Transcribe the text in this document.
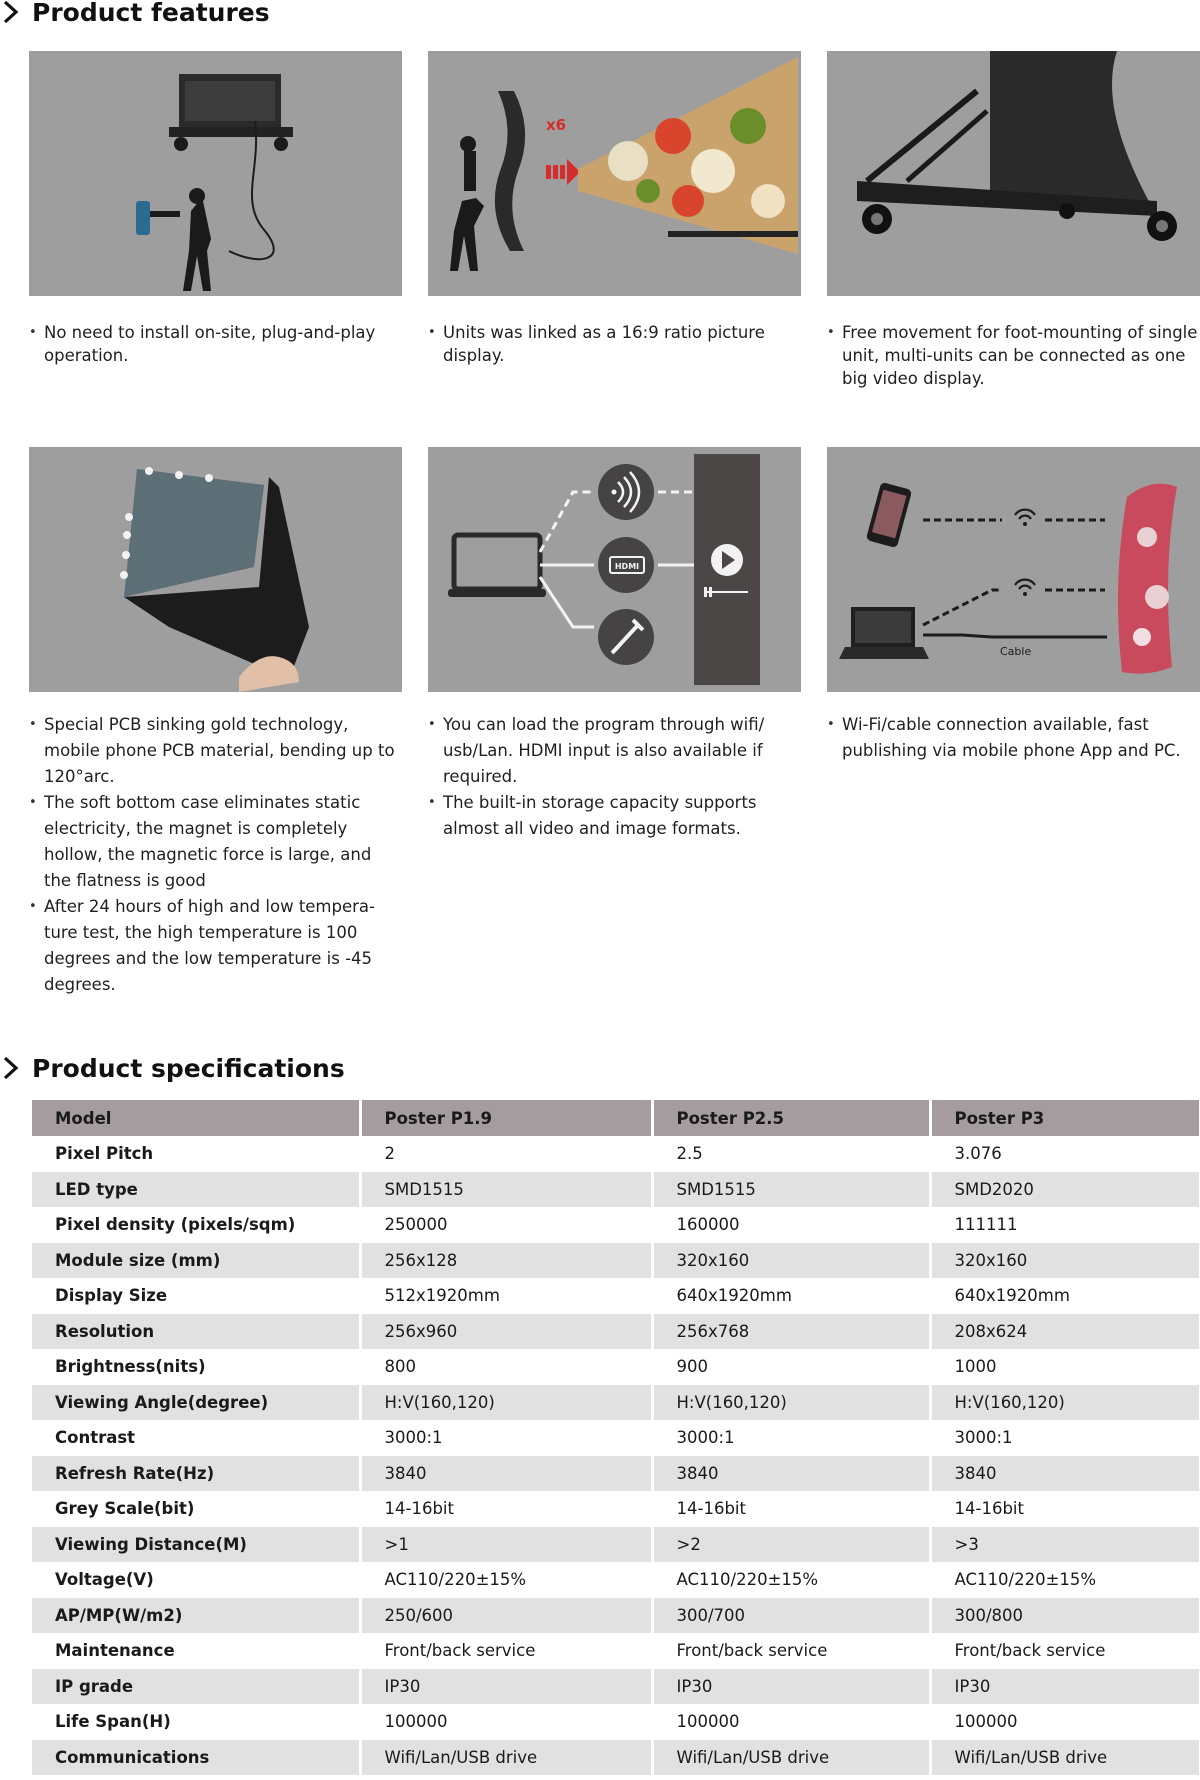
Product features
• No need to install on-site, plug-and-play operation.
x6
• Units was linked as a 16:9 ratio picture display.
• Free movement for foot-mounting of single unit, multi-units can be connected as one big video display.
• Special PCB sinking gold technology, mobile phone PCB material, bending up to 120°arc.
• The soft bottom case eliminates static electricity, the magnet is completely hollow, the magnetic force is large, and the flatness is good
• After 24 hours of high and low tempera-ture test, the high temperature is 100 degrees and the low temperature is -45 degrees.
HDMI
• You can load the program through wifi/ usb/Lan. HDMI input is also available if required.
• The built-in storage capacity supports almost all video and image formats.
Cable
• Wi-Fi/cable connection available, fast publishing via mobile phone App and PC.
Product specifications
Model	Poster P1.9	Poster P2.5	Poster P3
Pixel Pitch	2	2.5	3.076
LED type	SMD1515	SMD1515	SMD2020
Pixel density (pixels/sqm)	250000	160000	111111
Module size (mm)	256x128	320x160	320x160
Display Size	512x1920mm	640x1920mm	640x1920mm
Resolution	256x960	256x768	208x624
Brightness(nits)	800	900	1000
Viewing Angle(degree)	H:V(160,120)	H:V(160,120)	H:V(160,120)
Contrast	3000:1	3000:1	3000:1
Refresh Rate(Hz)	3840	3840	3840
Grey Scale(bit)	14-16bit	14-16bit	14-16bit
Viewing Distance(M)	>1	>2	>3
Voltage(V)	AC110/220±15%	AC110/220±15%	AC110/220±15%
AP/MP(W/m2)	250/600	300/700	300/800
Maintenance	Front/back service	Front/back service	Front/back service
IP grade	IP30	IP30	IP30
Life Span(H)	100000	100000	100000
Communications	Wifi/Lan/USB drive	Wifi/Lan/USB drive	Wifi/Lan/USB drive
